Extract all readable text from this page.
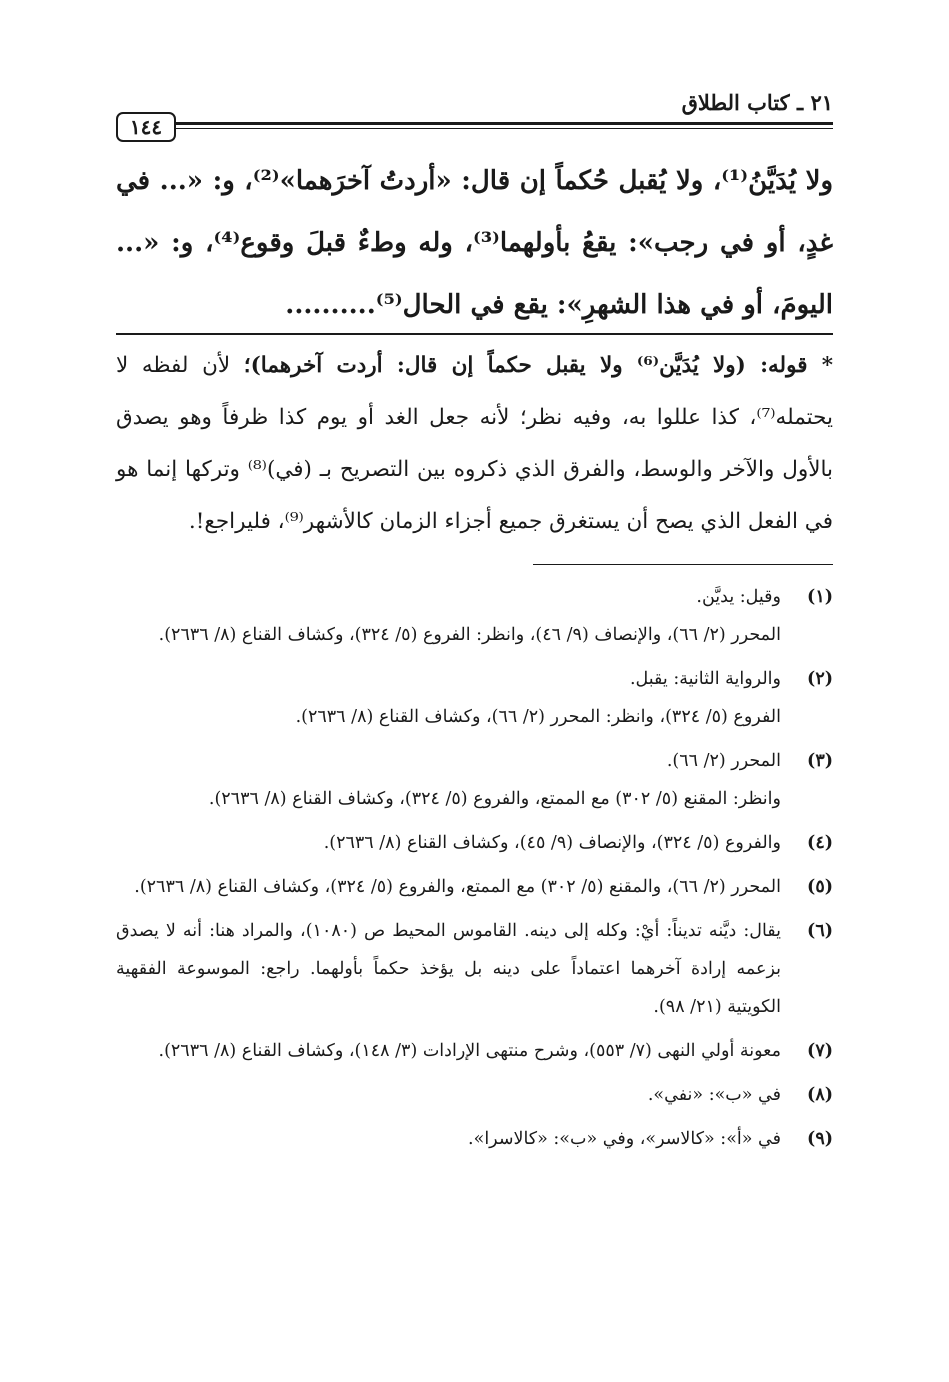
٢١ ـ كتاب الطلاق
١٤٤
ولا يُدَيَّنُ⁽¹⁾، ولا يُقبل حُكماً إن قال: «أردتُ آخرَهما»⁽²⁾، و: «... في غدٍ، أو في رجب»: يقعُ بأولهما⁽³⁾، وله وطءٌ قبلَ وقوع⁽⁴⁾، و: «... اليومَ، أو في هذا الشهرِ»: يقع في الحال⁽⁵⁾..........
* قوله: (ولا يُدَيَّن⁽⁶⁾ ولا يقبل حكماً إن قال: أردت آخرهما)؛ لأن لفظه لا يحتمله⁽⁷⁾، كذا عللوا به، وفيه نظر؛ لأنه جعل الغد أو يوم كذا ظرفاً وهو يصدق بالأول والآخر والوسط، والفرق الذي ذكروه بين التصريح بـ (في)⁽⁸⁾ وتركها إنما هو في الفعل الذي يصح أن يستغرق جميع أجزاء الزمان كالأشهر⁽⁹⁾، فليراجع!.
(١)
وقيل: يديَّن.
المحرر (٢/ ٦٦)، والإنصاف (٩/ ٤٦)، وانظر: الفروع (٥/ ٣٢٤)، وكشاف القناع (٨/ ٢٦٣٦).
(٢)
والرواية الثانية: يقبل.
الفروع (٥/ ٣٢٤)، وانظر: المحرر (٢/ ٦٦)، وكشاف القناع (٨/ ٢٦٣٦).
(٣)
المحرر (٢/ ٦٦).
وانظر: المقنع (٥/ ٣٠٢) مع الممتع، والفروع (٥/ ٣٢٤)، وكشاف القناع (٨/ ٢٦٣٦).
(٤)
والفروع (٥/ ٣٢٤)، والإنصاف (٩/ ٤٥)، وكشاف القناع (٨/ ٢٦٣٦).
(٥)
المحرر (٢/ ٦٦)، والمقنع (٥/ ٣٠٢) مع الممتع، والفروع (٥/ ٣٢٤)، وكشاف القناع (٨/ ٢٦٣٦).
(٦)
يقال: ديَّنه تديناً: أيْ: وكله إلى دينه. القاموس المحيط ص (١٠٨٠)، والمراد هنا: أنه لا يصدق بزعمه إرادة آخرهما اعتماداً على دينه بل يؤخذ حكماً بأولهما. راجع: الموسوعة الفقهية الكويتية (٢١/ ٩٨).
(٧)
معونة أولي النهى (٧/ ٥٥٣)، وشرح منتهى الإرادات (٣/ ١٤٨)، وكشاف القناع (٨/ ٢٦٣٦).
(٨)
في «ب»: «نفي».
(٩)
في «أ»: «كالاسر»، وفي «ب»: «كالاسرا».
